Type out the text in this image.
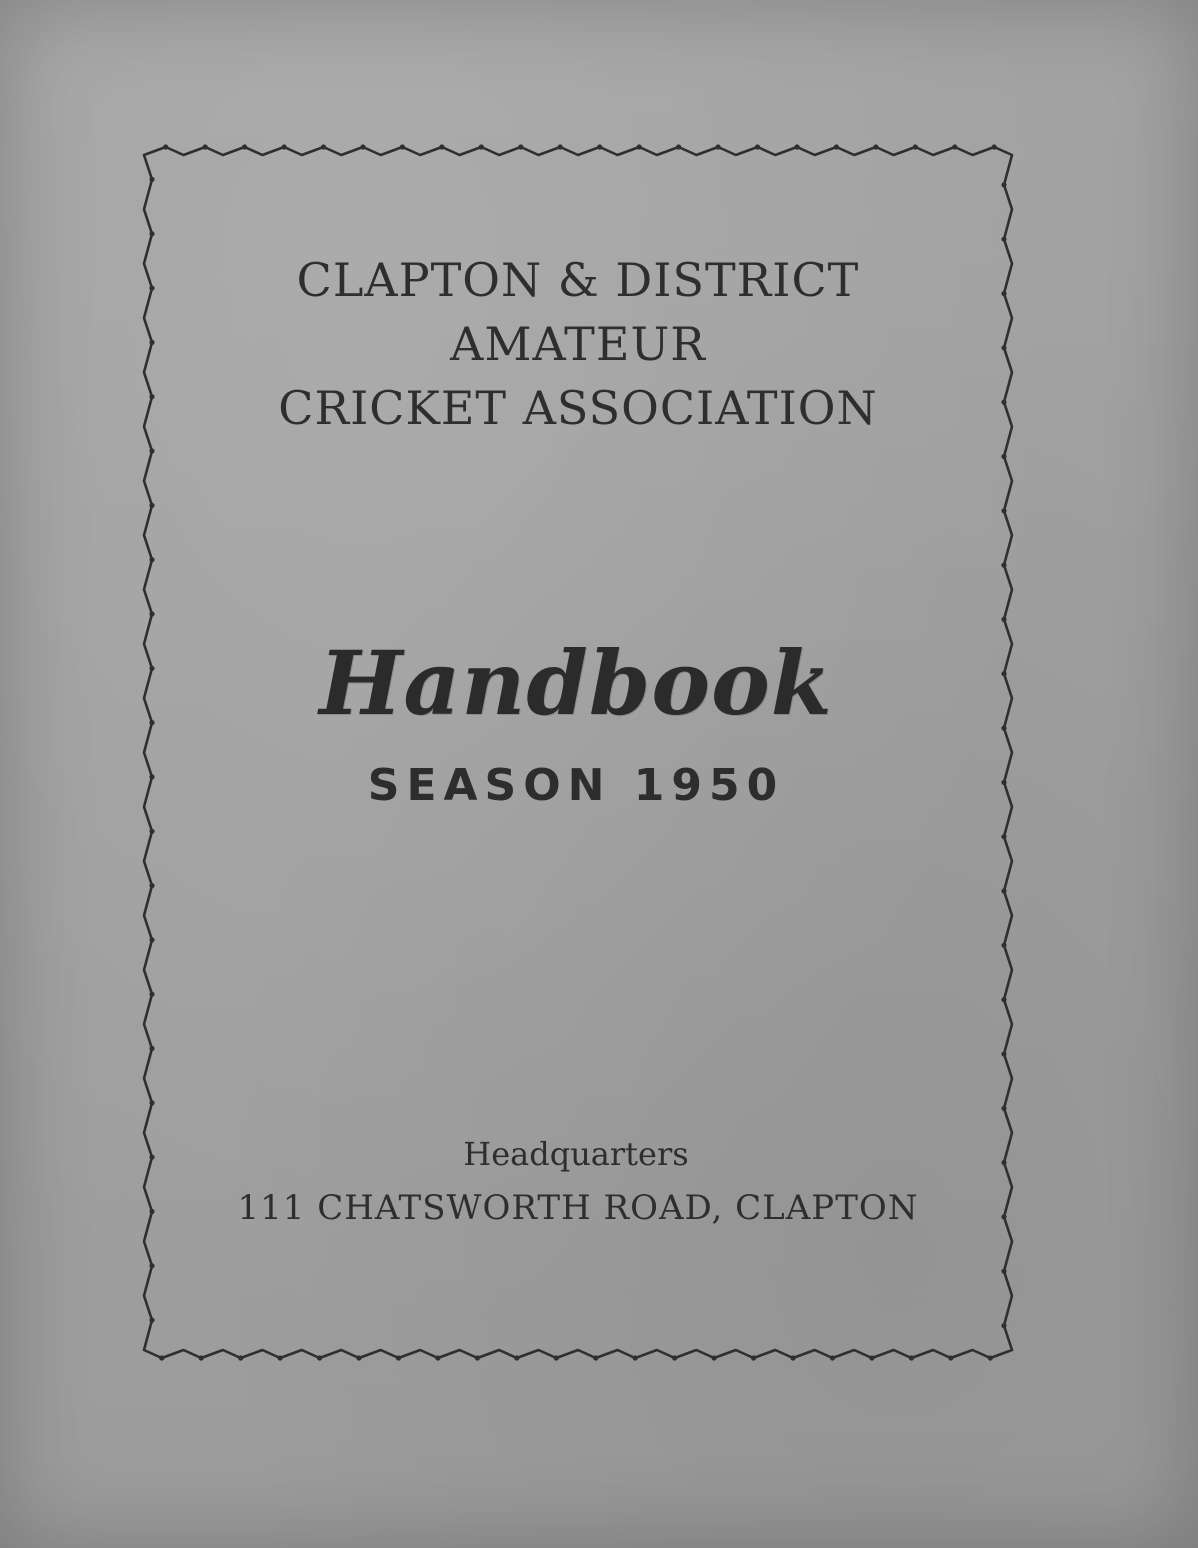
CLAPTON & DISTRICT

AMATEUR

CRICKET ASSOCIATION

Handbook

SEASON 1950

Headquarters

111 CHATSWORTH ROAD, CLAPTON
